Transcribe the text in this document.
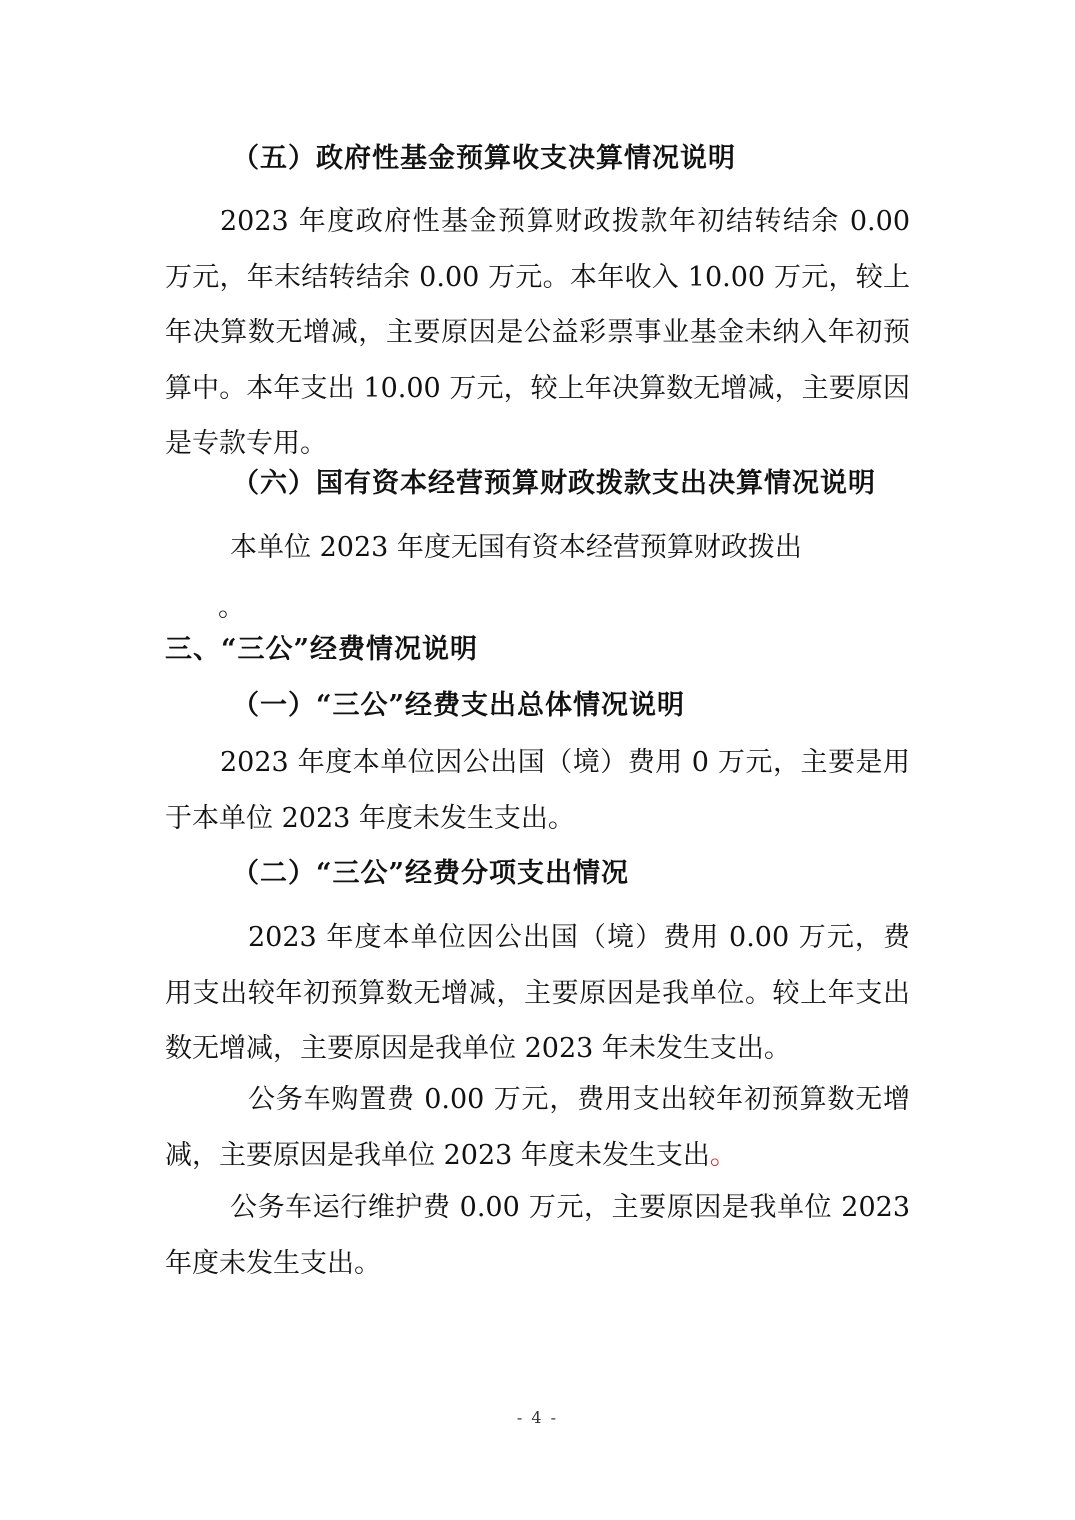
（五）政府性基金预算收支决算情况说明

2023 年度政府性基金预算财政拨款年初结转结余 0.00 万元，年末结转结余 0.00 万元。本年收入 10.00 万元，较上年决算数无增减，主要原因是公益彩票事业基金未纳入年初预算中。本年支出 10.00 万元，较上年决算数无增减，主要原因是专款专用。

（六）国有资本经营预算财政拨款支出决算情况说明

本单位 2023 年度无国有资本经营预算财政拨出

。
三、“三公”经费情况说明
（一）“三公”经费支出总体情况说明

2023 年度本单位因公出国（境）费用 0 万元，主要是用于本单位 2023 年度未发生支出。

（二）“三公”经费分项支出情况

2023 年度本单位因公出国（境）费用 0.00 万元，费用支出较年初预算数无增减，主要原因是我单位。较上年支出数无增减，主要原因是我单位 2023 年未发生支出。

公务车购置费 0.00 万元，费用支出较年初预算数无增减，主要原因是我单位 2023 年度未发生支出。

公务车运行维护费 0.00 万元，主要原因是我单位 2023 年度未发生支出。

- 4 -
